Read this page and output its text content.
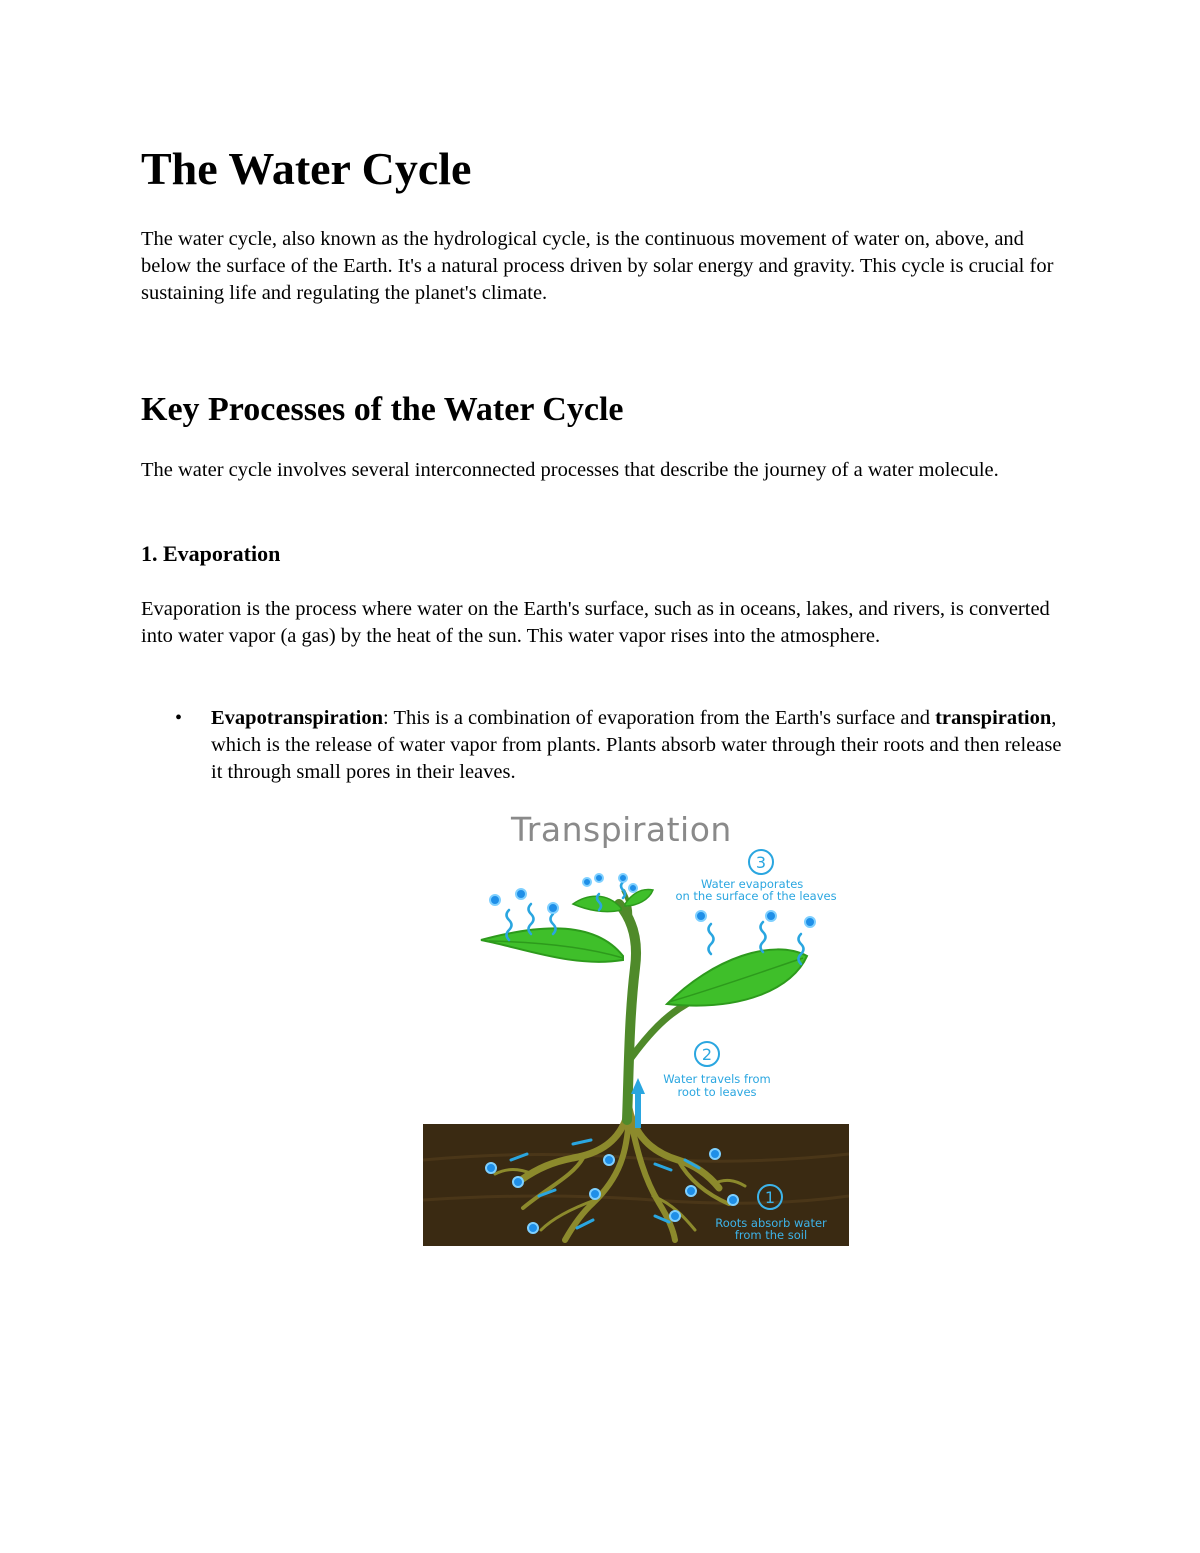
The Water Cycle

The water cycle, also known as the hydrological cycle, is the continuous movement of water on, above, and below the surface of the Earth. It's a natural process driven by solar energy and gravity. This cycle is crucial for sustaining life and regulating the planet's climate.

Key Processes of the Water Cycle

The water cycle involves several interconnected processes that describe the journey of a water molecule.

1. Evaporation

Evaporation is the process where water on the Earth's surface, such as in oceans, lakes, and rivers, is converted into water vapor (a gas) by the heat of the sun. This water vapor rises into the atmosphere.

• Evapotranspiration: This is a combination of evaporation from the Earth's surface and transpiration, which is the release of water vapor from plants. Plants absorb water through their roots and then release it through small pores in their leaves.
3
2
1
Transpiration
Water evaporates
on the surface of the leaves
Water travels from
root to leaves
Roots absorb water
from the soil
